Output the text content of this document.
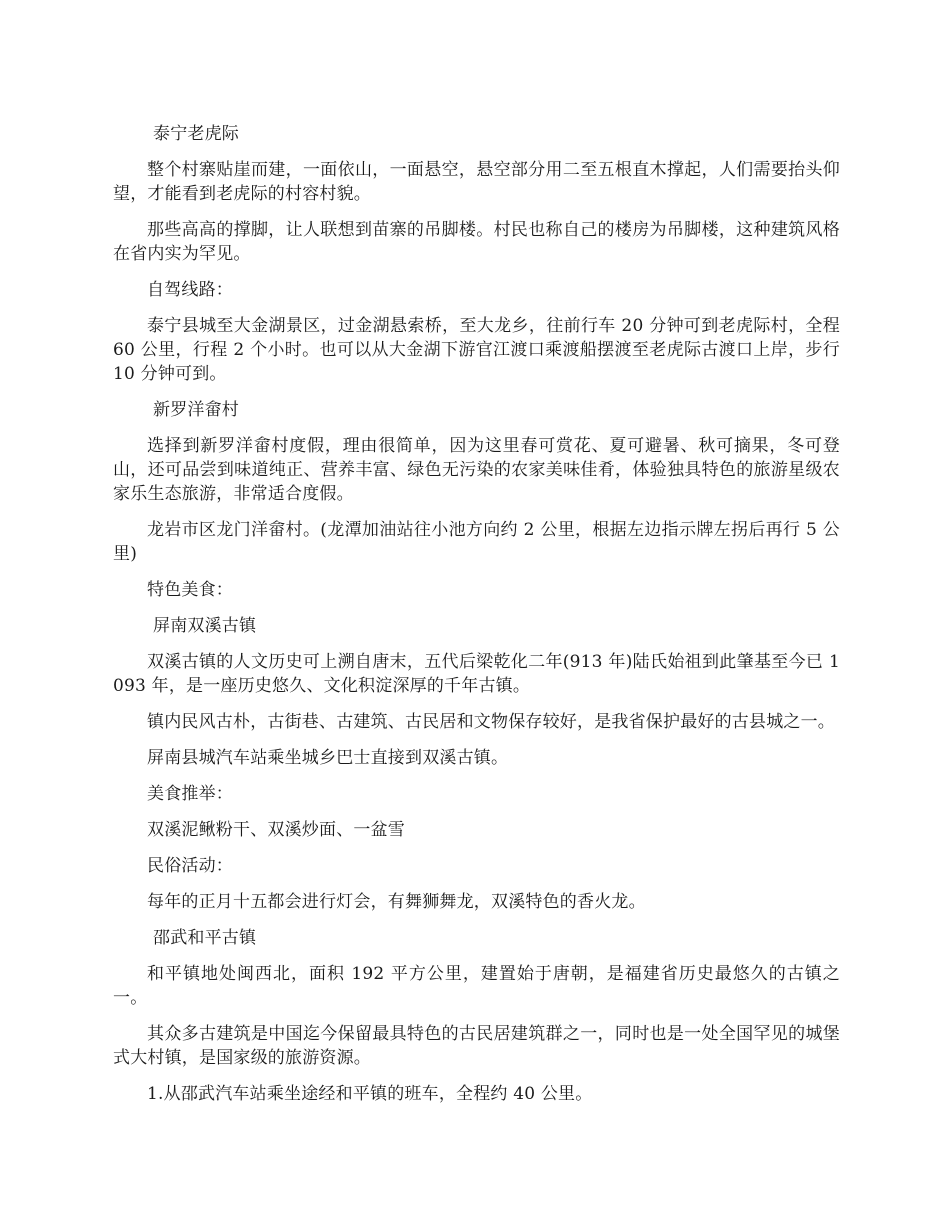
泰宁老虎际

整个村寨贴崖而建，一面依山，一面悬空，悬空部分用二至五根直木撑起，人们需要抬头仰望，才能看到老虎际的村容村貌。

那些高高的撑脚，让人联想到苗寨的吊脚楼。村民也称自己的楼房为吊脚楼，这种建筑风格在省内实为罕见。

自驾线路：

泰宁县城至大金湖景区，过金湖悬索桥，至大龙乡，往前行车 20 分钟可到老虎际村，全程 60 公里，行程 2 个小时。也可以从大金湖下游官江渡口乘渡船摆渡至老虎际古渡口上岸，步行 10 分钟可到。

新罗洋畲村

选择到新罗洋畲村度假，理由很简单，因为这里春可赏花、夏可避暑、秋可摘果，冬可登山，还可品尝到味道纯正、营养丰富、绿色无污染的农家美味佳肴，体验独具特色的旅游星级农家乐生态旅游，非常适合度假。

龙岩市区龙门洋畲村。(龙潭加油站往小池方向约 2 公里，根据左边指示牌左拐后再行 5 公里)

特色美食：

屏南双溪古镇

双溪古镇的人文历史可上溯自唐末，五代后梁乾化二年(913 年)陆氏始祖到此肇基至今已 1093 年，是一座历史悠久、文化积淀深厚的千年古镇。

镇内民风古朴，古街巷、古建筑、古民居和文物保存较好，是我省保护最好的古县城之一。

屏南县城汽车站乘坐城乡巴士直接到双溪古镇。

美食推举：

双溪泥鳅粉干、双溪炒面、一盆雪

民俗活动：

每年的正月十五都会进行灯会，有舞狮舞龙，双溪特色的香火龙。

邵武和平古镇

和平镇地处闽西北，面积 192 平方公里，建置始于唐朝，是福建省历史最悠久的古镇之一。

其众多古建筑是中国迄今保留最具特色的古民居建筑群之一，同时也是一处全国罕见的城堡式大村镇，是国家级的旅游资源。

1.从邵武汽车站乘坐途经和平镇的班车，全程约 40 公里。
